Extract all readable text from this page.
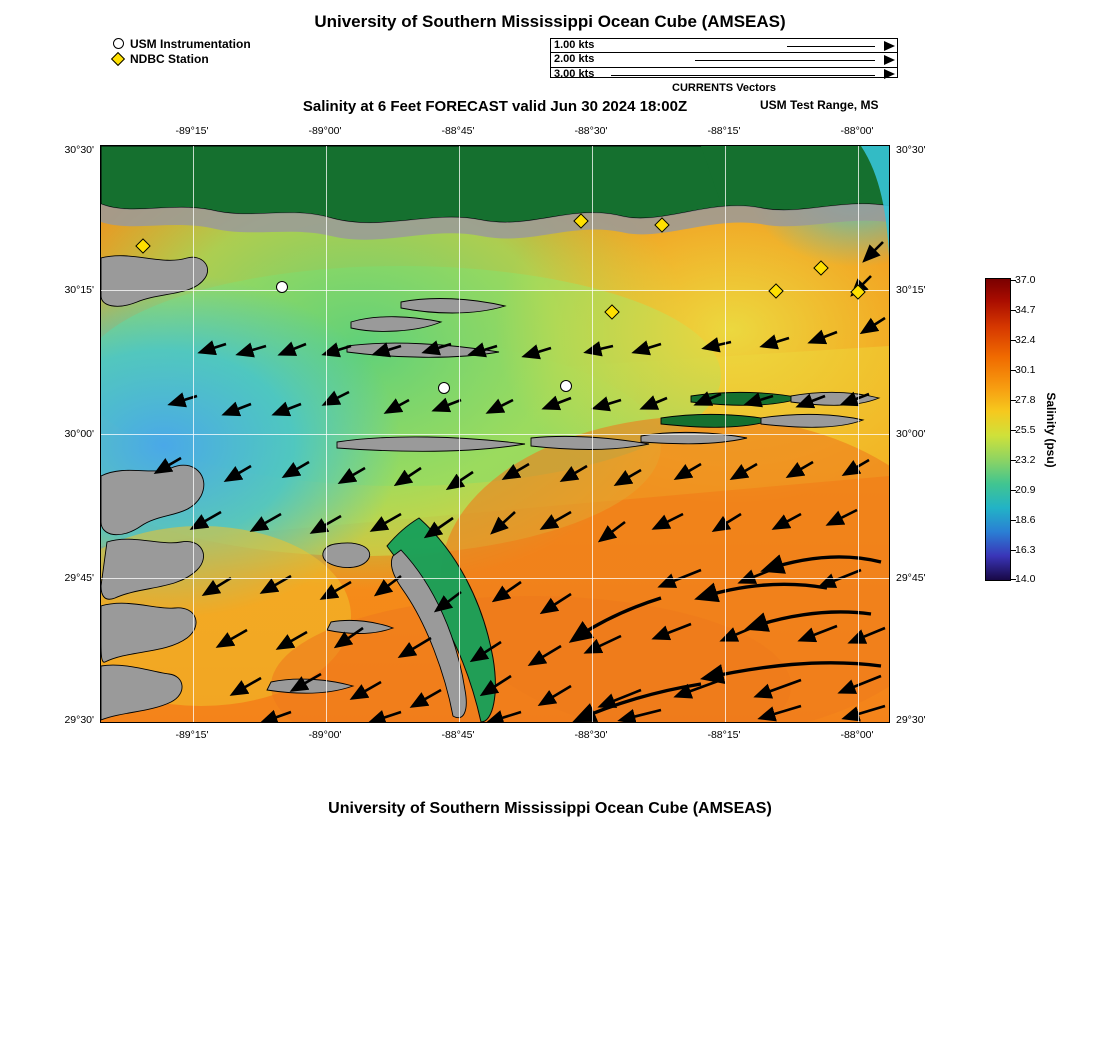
University of Southern Mississippi Ocean Cube (AMSEAS)
USM Instrumentation
NDBC Station
1.00 kts
2.00 kts
3.00 kts
CURRENTS Vectors
Salinity at 6 Feet FORECAST valid Jun 30 2024 18:00Z	USM Test Range, MS
-89°15'	-89°00'	-88°45'	-88°30'	-88°15'	-88°00'
-89°15'	-89°00'	-88°45'	-88°30'	-88°15'	-88°00'
30°30'
30°15'
30°00'
29°45'
29°30'
30°30'
30°15'
30°00'
29°45'
29°30'
37.0
34.7
32.4
30.1
27.8
25.5
23.2
20.9
18.6
16.3
14.0
Salinity (psu)
University of Southern Mississippi Ocean Cube (AMSEAS)
